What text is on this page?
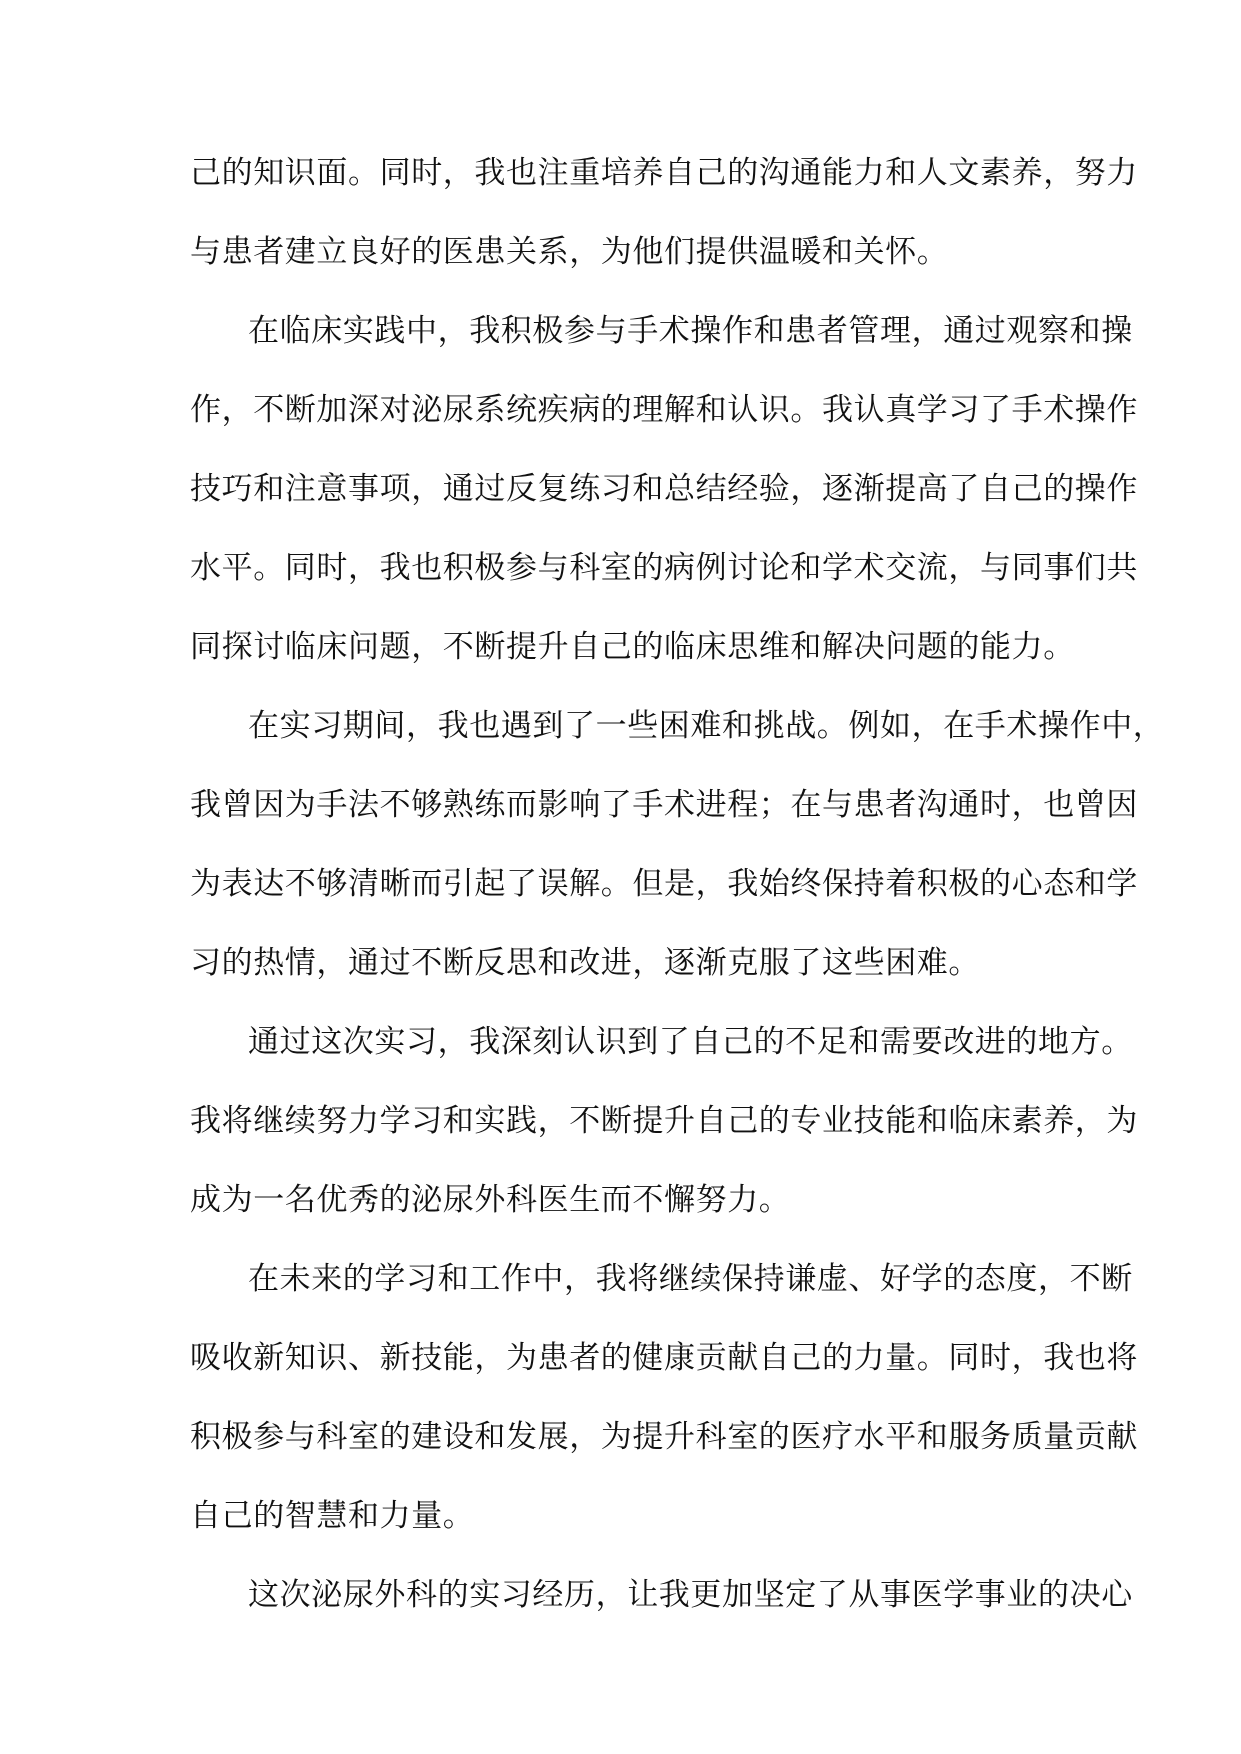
己的知识面。同时，我也注重培养自己的沟通能力和人文素养，努力
与患者建立良好的医患关系，为他们提供温暖和关怀。
在临床实践中，我积极参与手术操作和患者管理，通过观察和操
作，不断加深对泌尿系统疾病的理解和认识。我认真学习了手术操作
技巧和注意事项，通过反复练习和总结经验，逐渐提高了自己的操作
水平。同时，我也积极参与科室的病例讨论和学术交流，与同事们共
同探讨临床问题，不断提升自己的临床思维和解决问题的能力。
在实习期间，我也遇到了一些困难和挑战。例如，在手术操作中，
我曾因为手法不够熟练而影响了手术进程；在与患者沟通时，也曾因
为表达不够清晰而引起了误解。但是，我始终保持着积极的心态和学
习的热情，通过不断反思和改进，逐渐克服了这些困难。
通过这次实习，我深刻认识到了自己的不足和需要改进的地方。
我将继续努力学习和实践，不断提升自己的专业技能和临床素养，为
成为一名优秀的泌尿外科医生而不懈努力。
在未来的学习和工作中，我将继续保持谦虚、好学的态度，不断
吸收新知识、新技能，为患者的健康贡献自己的力量。同时，我也将
积极参与科室的建设和发展，为提升科室的医疗水平和服务质量贡献
自己的智慧和力量。
这次泌尿外科的实习经历，让我更加坚定了从事医学事业的决心
